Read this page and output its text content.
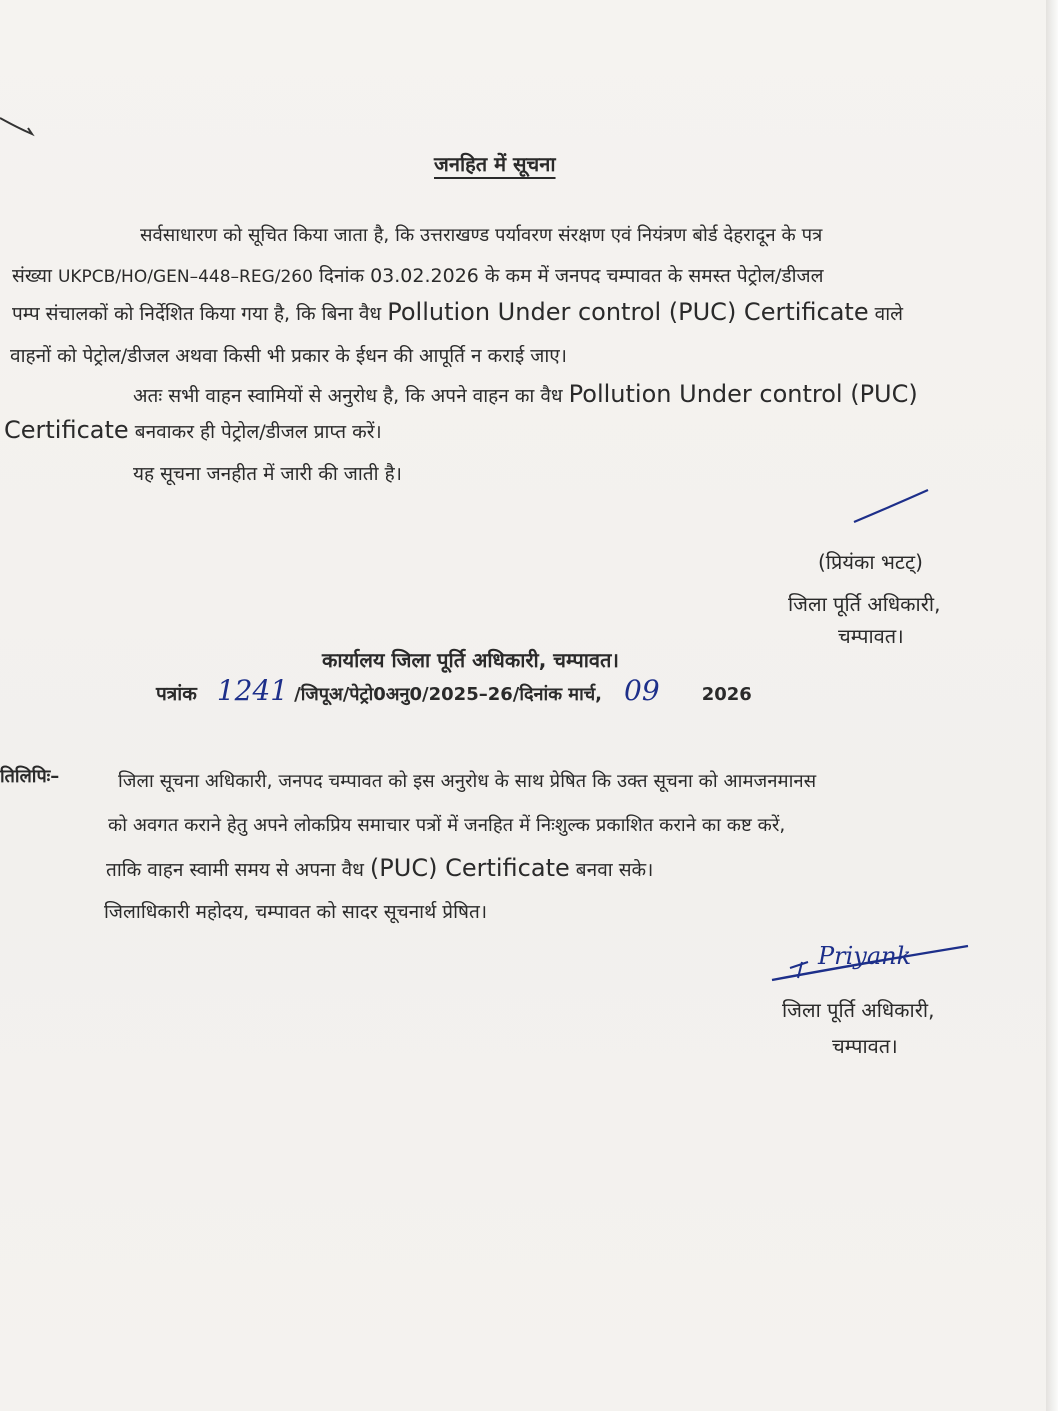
जनहित में सूचना
सर्वसाधारण को सूचित किया जाता है, कि उत्तराखण्ड पर्यावरण संरक्षण एवं नियंत्रण बोर्ड देहरादून के पत्र
संख्या UKPCB/HO/GEN–448–REG/260 दिनांक 03.02.2026 के कम में जनपद चम्पावत के समस्त पेट्रोल/डीजल
पम्प संचालकों को निर्देशित किया गया है, कि बिना वैध Pollution Under control (PUC) Certificate वाले
वाहनों को पेट्रोल/डीजल अथवा किसी भी प्रकार के ईधन की आपूर्ति न कराई जाए।
अतः सभी वाहन स्वामियों से अनुरोध है, कि अपने वाहन का वैध Pollution Under control (PUC)
Certificate बनवाकर ही पेट्रोल/डीजल प्राप्त करें।
यह सूचना जनहीत में जारी की जाती है।
(प्रियंका भटट्)
जिला पूर्ति अधिकारी,
चम्पावत।
कार्यालय जिला पूर्ति अधिकारी, चम्पावत।
पत्रांक 1241 /जिपूअ/पेट्रो0अनु0/2025–26/दिनांक मार्च, 09 2026
तिलिपिः–	जिला सूचना अधिकारी, जनपद चम्पावत को इस अनुरोध के साथ प्रेषित कि उक्त सूचना को आमजनमानस
को अवगत कराने हेतु अपने लोकप्रिय समाचार पत्रों में जनहित में निःशुल्क प्रकाशित कराने का कष्ट करें,
ताकि वाहन स्वामी समय से अपना वैध (PUC) Certificate बनवा सके।
जिलाधिकारी महोदय, चम्पावत को सादर सूचनार्थ प्रेषित।
Priyank
जिला पूर्ति अधिकारी,
चम्पावत।
